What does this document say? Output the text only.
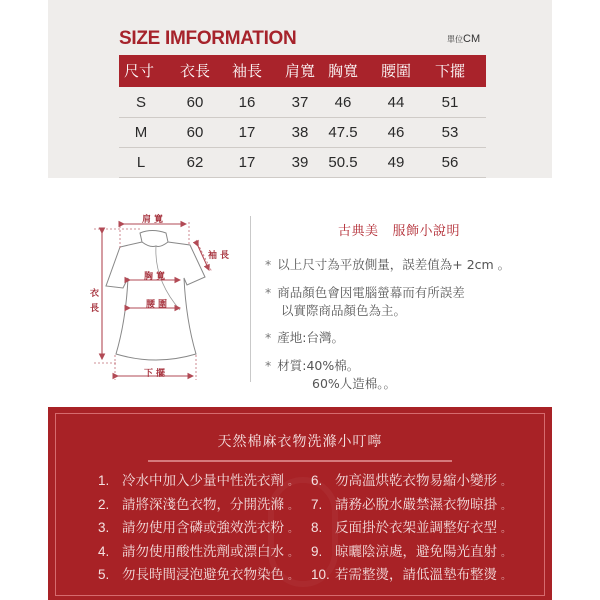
SIZE IMFORMATION	單位CM
尺寸 衣長 袖長 肩寬 胸寬 腰圍 下擺
S	60 16 37 46 44 51
M	60 17 38 47.5 46 53
L	62 17 39 50.5 49 56
肩寬
袖長
胸寬
腰圍
衣
長
下擺
古典美 服飾小說明
* 以上尺寸為平放側量，誤差值為+ 2cm 。
* 商品顏色會因電腦螢幕而有所誤差
以實際商品顏色為主。
* 產地:台灣。
* 材質:40%棉。
60%人造棉。。
天然棉麻衣物洗滌小叮嚀
1. 冷水中加入少量中性洗衣劑 。
2. 請將深淺色衣物，分開洗滌 。
3. 請勿使用含磷或強效洗衣粉 。
4. 請勿使用酸性洗劑或漂白水 。
5. 勿長時間浸泡避免衣物染色 。
6. 勿高溫烘乾衣物易縮小變形 。
7. 請務必脫水嚴禁濕衣物晾掛 。
8. 反面掛於衣架並調整好衣型 。
9. 晾曬陰涼處，避免陽光直射 。
10. 若需整燙，請低溫墊布整燙 。
